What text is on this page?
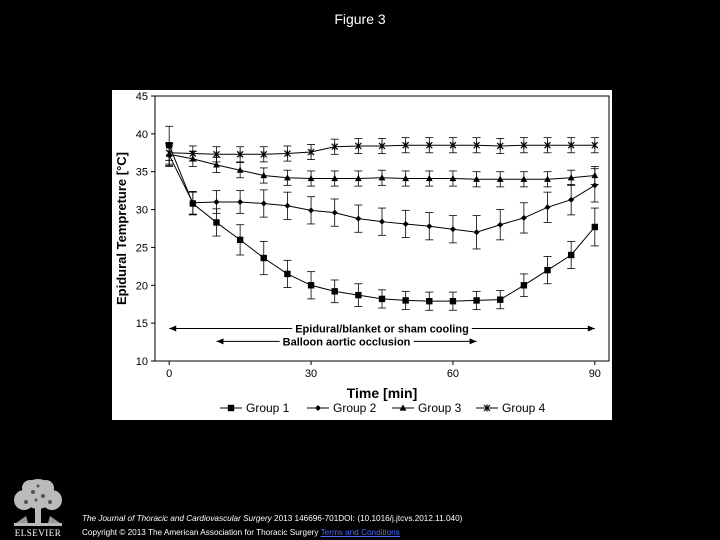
Figure 3
10
15
20
25
30
35
40
45
0	30	60	90
Time [min]
Epidural Tempreture [°C]
Epidural/blanket or sham cooling
Balloon aortic occlusion
Group 1	Group 2	Group 3	Group 4
ELSEVIER
The Journal of Thoracic and Cardiovascular Surgery 2013 146696-701DOI: (10.1016/j.jtcvs.2012.11.040)
Copyright © 2013 The American Association for Thoracic Surgery Terms and Conditions
